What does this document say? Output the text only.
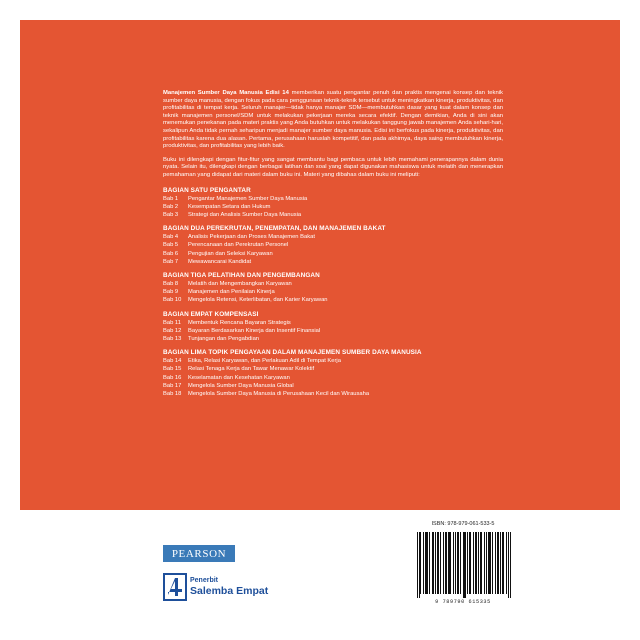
Manajemen Sumber Daya Manusia Edisi 14 memberikan suatu pengantar penuh dan praktis mengenai konsep dan teknik sumber daya manusia, dengan fokus pada cara penggunaan teknik-teknik tersebut untuk meningkatkan kinerja, produktivitas, dan profitabilitas di tempat kerja. Seluruh manajer—tidak hanya manajer SDM—membutuhkan dasar yang kuat dalam konsep dan teknik manajemen personel/SDM untuk melakukan pekerjaan mereka secara efektif. Dengan demikian, Anda di sini akan menemukan penekanan pada materi praktis yang Anda butuhkan untuk melakukan tanggung jawab manajemen Anda sehari-hari, sekalipun Anda tidak pernah seharipun menjadi manajer sumber daya manusia. Edisi ini berfokus pada kinerja, produktivitas, dan profitabilitas karena dua alasan. Pertama, perusahaan haruslah kompetitif, dan pada akhirnya, daya saing membutuhkan kinerja, produktivitas, dan profitabilitas yang lebih baik.

Buku ini dilengkapi dengan fitur-fitur yang sangat membantu bagi pembaca untuk lebih memahami penerapannya dalam dunia nyata. Selain itu, dilengkapi dengan berbagai latihan dan soal yang dapat digunakan mahasiswa untuk melatih dan menerapkan pemahaman yang didapat dari materi dalam buku ini. Materi yang dibahas dalam buku ini meliputi:

BAGIAN SATU PENGANTAR
Bab 1	Pengantar Manajemen Sumber Daya Manusia
Bab 2	Kesempatan Setara dan Hukum
Bab 3	Strategi dan Analisis Sumber Daya Manusia
BAGIAN DUA PEREKRUTAN, PENEMPATAN, DAN MANAJEMEN BAKAT
Bab 4	Analisis Pekerjaan dan Proses Manajemen Bakat
Bab 5	Perencanaan dan Perekrutan Personel
Bab 6	Pengujian dan Seleksi Karyawan
Bab 7	Mewawancarai Kandidat
BAGIAN TIGA PELATIHAN DAN PENGEMBANGAN
Bab 8	Melatih dan Mengembangkan Karyawan
Bab 9	Manajemen dan Penilaian Kinerja
Bab 10	Mengelola Retensi, Keterlibatan, dan Karier Karyawan
BAGIAN EMPAT KOMPENSASI
Bab 11	Membentuk Rencana Bayaran Strategis
Bab 12	Bayaran Berdasarkan Kinerja dan Insentif Finansial
Bab 13	Tunjangan dan Pengabdian
BAGIAN LIMA TOPIK PENGAYAAN DALAM MANAJEMEN SUMBER DAYA MANUSIA
Bab 14	Etika, Relasi Karyawan, dan Perlakuan Adil di Tempat Kerja
Bab 15	Relasi Tenaga Kerja dan Tawar Menawar Kolektif
Bab 16	Keselamatan dan Kesehatan Karyawan
Bab 17	Mengelola Sumber Daya Manusia Global
Bab 18	Mengelola Sumber Daya Manusia di Perusahaan Kecil dan Wirausaha
PEARSON
Penerbit
Salemba Empat
ISBN: 978-979-061-533-5
9 789790 615335
